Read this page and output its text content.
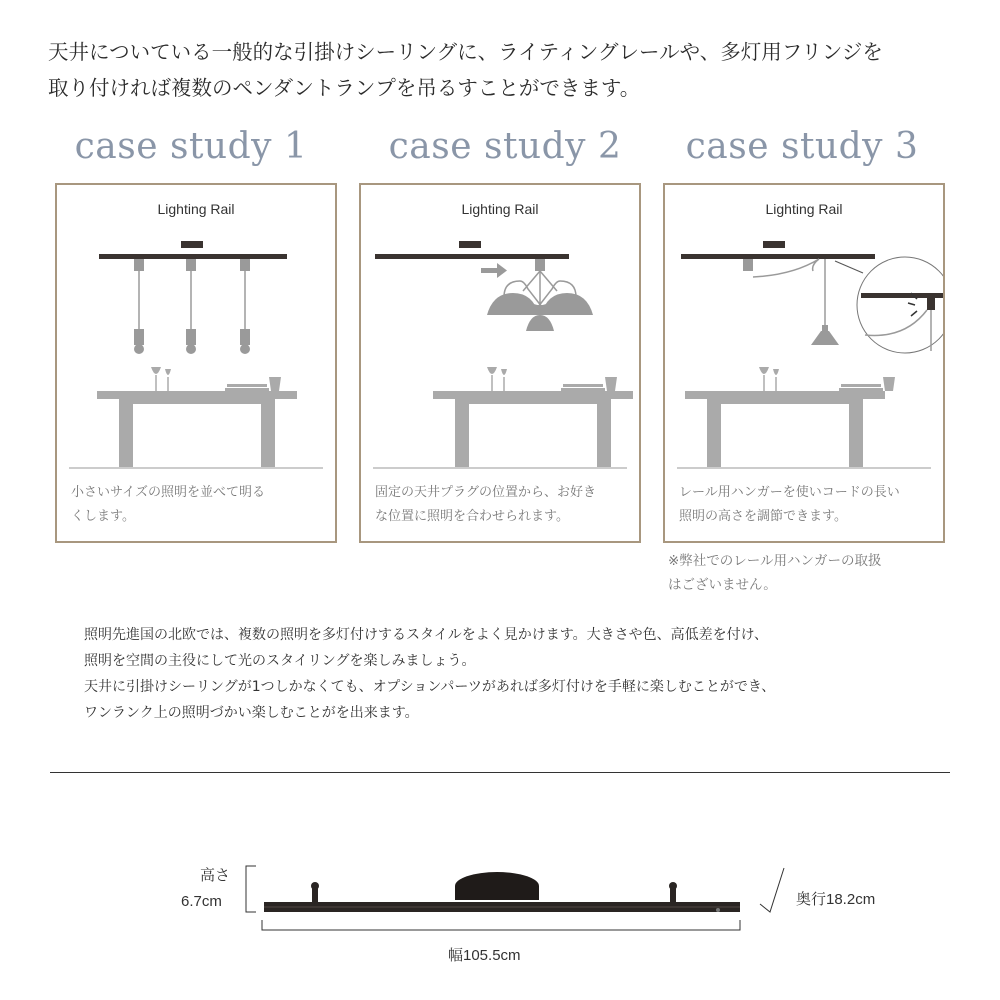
天井についている一般的な引掛けシーリングに、ライティングレールや、多灯用フリンジを
取り付ければ複数のペンダントランプを吊るすことができます。

case study 1
Lighting Rail

小さいサイズの照明を並べて明る
くします。

case study 2
Lighting Rail

固定の天井プラグの位置から、お好き
な位置に照明を合わせられます。

case study 3
Lighting Rail

レール用ハンガーを使いコードの長い
照明の高さを調節できます。

※弊社でのレール用ハンガーの取扱
はございません。

照明先進国の北欧では、複数の照明を多灯付けするスタイルをよく見かけます。大きさや色、高低差を付け、
照明を空間の主役にして光のスタイリングを楽しみましょう。
天井に引掛けシーリングが1つしかなくても、オプションパーツがあれば多灯付けを手軽に楽しむことができ、
ワンランク上の照明づかい楽しむことがを出来ます。

高さ
6.7cm	奥行18.2cm
幅105.5cm
